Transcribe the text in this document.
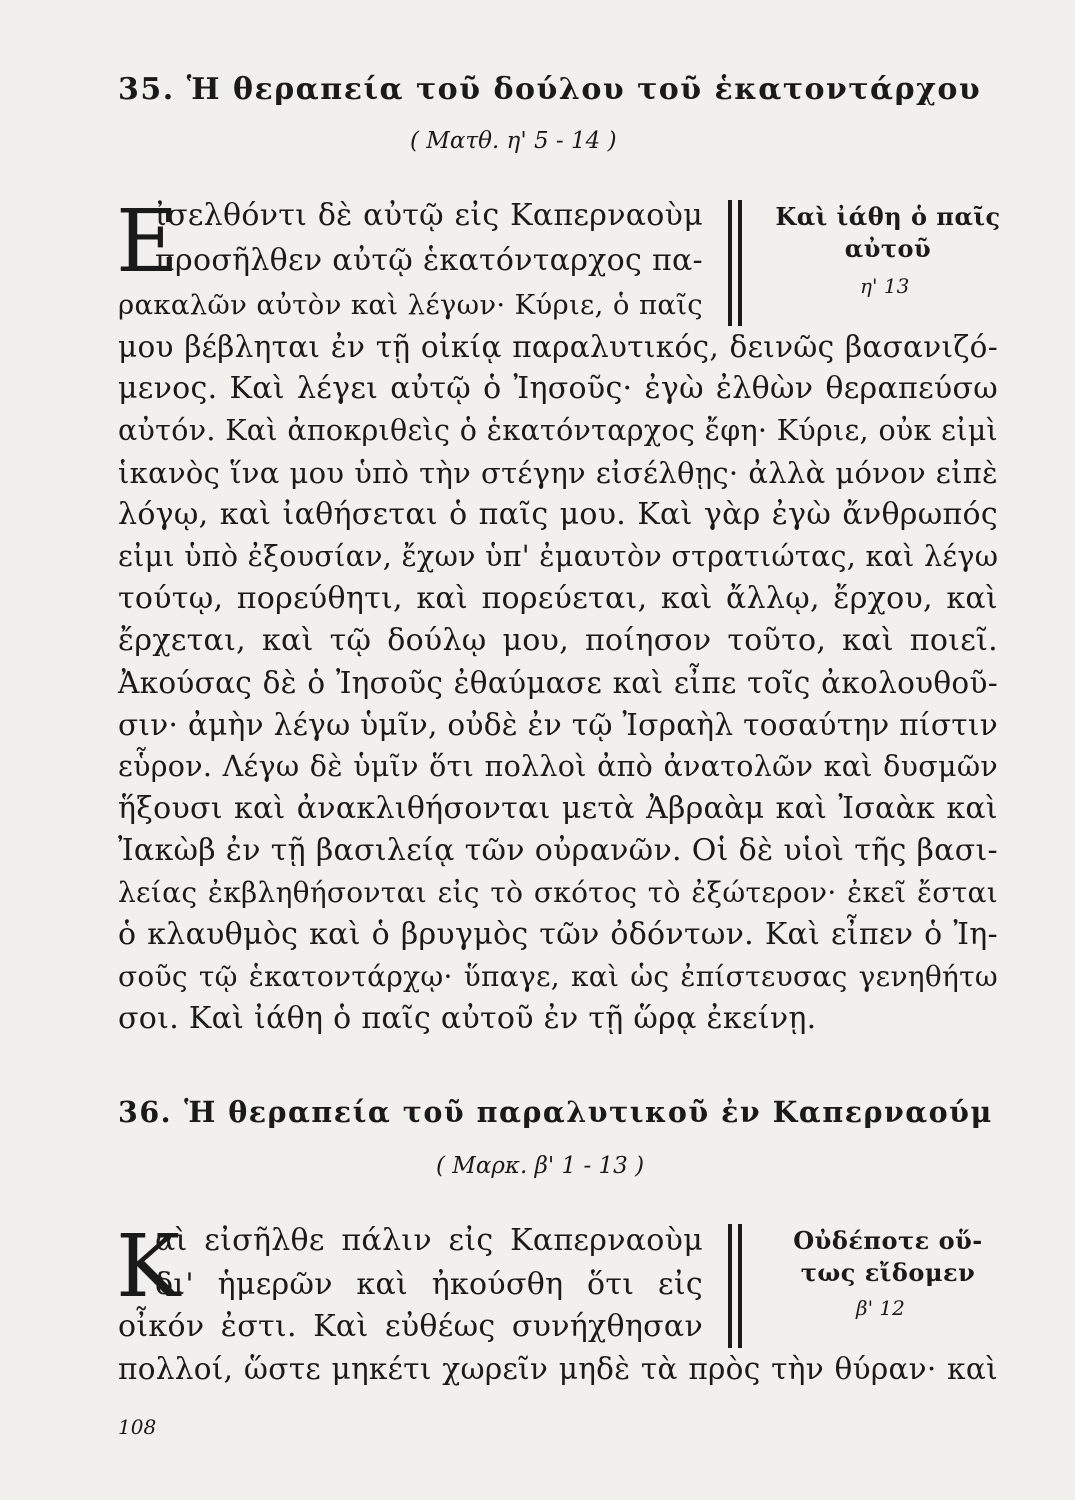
35. Ἡ θεραπεία τοῦ δούλου τοῦ ἑκατοντάρχου
( Ματθ. η' 5 - 14 )
Ε
ἰσελθόντι δὲ αὐτῷ εἰς Καπερναοὺμ
προσῆλθεν αὐτῷ ἑκατόνταρχος πα-
ρακαλῶν αὐτὸν καὶ λέγων· Κύριε, ὁ παῖς
μου βέβληται ἐν τῇ οἰκίᾳ παραλυτικός, δεινῶς βασανιζό-
μενος. Καὶ λέγει αὐτῷ ὁ Ἰησοῦς· ἐγὼ ἐλθὼν θεραπεύσω
αὐτόν. Καὶ ἀποκριθεὶς ὁ ἑκατόνταρχος ἔφη· Κύριε, οὐκ εἰμὶ
ἱκανὸς ἵνα μου ὑπὸ τὴν στέγην εἰσέλθῃς· ἀλλὰ μόνον εἰπὲ
λόγῳ, καὶ ἰαθήσεται ὁ παῖς μου. Καὶ γὰρ ἐγὼ ἄνθρωπός
εἰμι ὑπὸ ἐξουσίαν, ἔχων ὑπ' ἐμαυτὸν στρατιώτας, καὶ λέγω
τούτῳ, πορεύθητι, καὶ πορεύεται, καὶ ἄλλῳ, ἔρχου, καὶ
ἔρχεται, καὶ τῷ δούλῳ μου, ποίησον τοῦτο, καὶ ποιεῖ.
Ἀκούσας δὲ ὁ Ἰησοῦς ἐθαύμασε καὶ εἶπε τοῖς ἀκολουθοῦ-
σιν· ἀμὴν λέγω ὑμῖν, οὐδὲ ἐν τῷ Ἰσραὴλ τοσαύτην πίστιν
εὗρον. Λέγω δὲ ὑμῖν ὅτι πολλοὶ ἀπὸ ἀνατολῶν καὶ δυσμῶν
ἥξουσι καὶ ἀνακλιθήσονται μετὰ Ἀβραὰμ καὶ Ἰσαὰκ καὶ
Ἰακὼβ ἐν τῇ βασιλείᾳ τῶν οὐρανῶν. Οἱ δὲ υἱοὶ τῆς βασι-
λείας ἐκβληθήσονται εἰς τὸ σκότος τὸ ἐξώτερον· ἐκεῖ ἔσται
ὁ κλαυθμὸς καὶ ὁ βρυγμὸς τῶν ὀδόντων. Καὶ εἶπεν ὁ Ἰη-
σοῦς τῷ ἑκατοντάρχῳ· ὕπαγε, καὶ ὡς ἐπίστευσας γενηθήτω
σοι. Καὶ ἰάθη ὁ παῖς αὐτοῦ ἐν τῇ ὥρᾳ ἐκείνῃ.
Καὶ ἰάθη ὁ παῖς
αὐτοῦ
η' 13
36. Ἡ θεραπεία τοῦ παραλυτικοῦ ἐν Καπερναούμ
( Μαρκ. β' 1 - 13 )
Κ
αὶ εἰσῆλθε πάλιν εἰς Καπερναοὺμ
δι' ἡμερῶν καὶ ἠκούσθη ὅτι εἰς
οἶκόν ἐστι. Καὶ εὐθέως συνήχθησαν
πολλοί, ὥστε μηκέτι χωρεῖν μηδὲ τὰ πρὸς τὴν θύραν· καὶ
Οὐδέποτε οὕ-
τως εἴδομεν
β' 12
108
